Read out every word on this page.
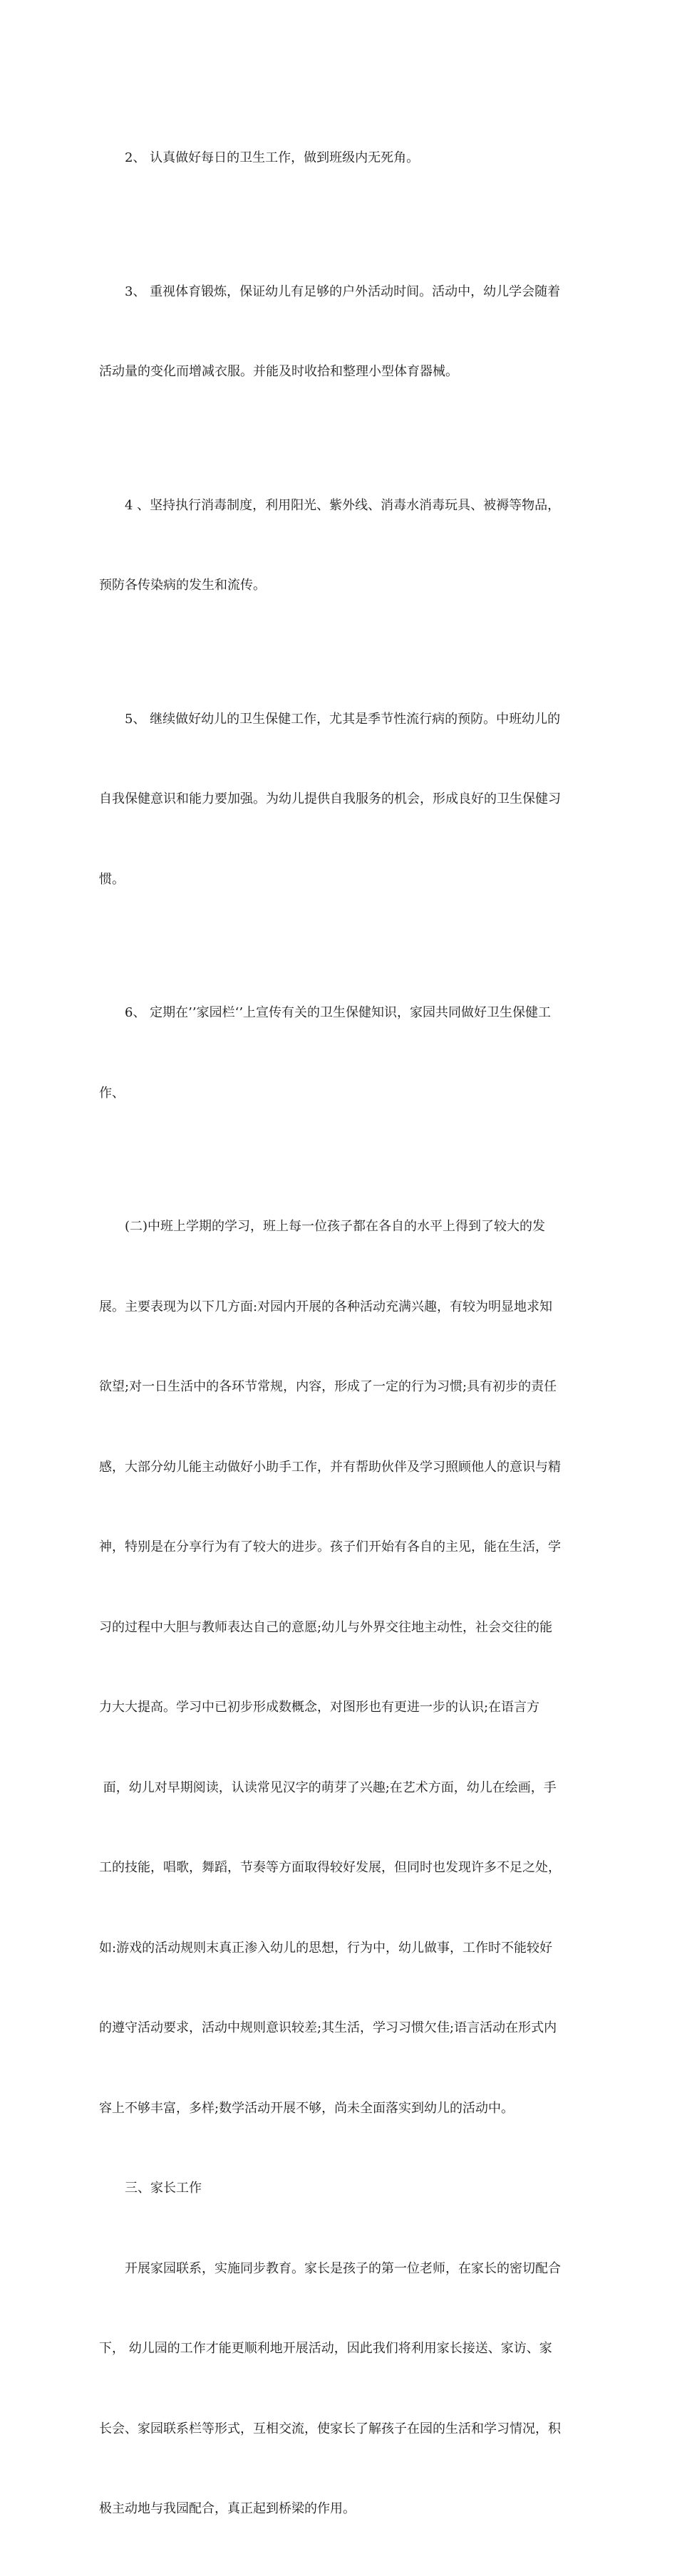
2、 认真做好每日的卫生工作，做到班级内无死角。

3、 重视体育锻炼，保证幼儿有足够的户外活动时间。活动中，幼儿学会随着

活动量的变化而增减衣服。并能及时收拾和整理小型体育器械。

4 、坚持执行消毒制度，利用阳光、紫外线、消毒水消毒玩具、被褥等物品，

预防各传染病的发生和流传。

5、 继续做好幼儿的卫生保健工作，尤其是季节性流行病的预防。中班幼儿的

自我保健意识和能力要加强。为幼儿提供自我服务的机会，形成良好的卫生保健习

惯。

6、 定期在’’家园栏‘’上宣传有关的卫生保健知识，家园共同做好卫生保健工

作、

(二)中班上学期的学习，班上每一位孩子都在各自的水平上得到了较大的发

展。主要表现为以下几方面:对园内开展的各种活动充满兴趣，有较为明显地求知

欲望;对一日生活中的各环节常规，内容，形成了一定的行为习惯;具有初步的责任

感，大部分幼儿能主动做好小助手工作，并有帮助伙伴及学习照顾他人的意识与精

神，特别是在分享行为有了较大的进步。孩子们开始有各自的主见，能在生活，学

习的过程中大胆与教师表达自己的意愿;幼儿与外界交往地主动性，社会交往的能

力大大提高。学习中已初步形成数概念，对图形也有更进一步的认识;在语言方

面，幼儿对早期阅读，认读常见汉字的萌芽了兴趣;在艺术方面，幼儿在绘画，手

工的技能，唱歌，舞蹈，节奏等方面取得较好发展，但同时也发现许多不足之处，

如:游戏的活动规则末真正渗入幼儿的思想，行为中，幼儿做事，工作时不能较好

的遵守活动要求，活动中规则意识较差;其生活，学习习惯欠佳;语言活动在形式内

容上不够丰富，多样;数学活动开展不够，尚未全面落实到幼儿的活动中。

三、家长工作

开展家园联系，实施同步教育。家长是孩子的第一位老师，在家长的密切配合

下， 幼儿园的工作才能更顺利地开展活动，因此我们将利用家长接送、家访、家

长会、家园联系栏等形式，互相交流，使家长了解孩子在园的生活和学习情况，积

极主动地与我园配合，真正起到桥梁的作用。
